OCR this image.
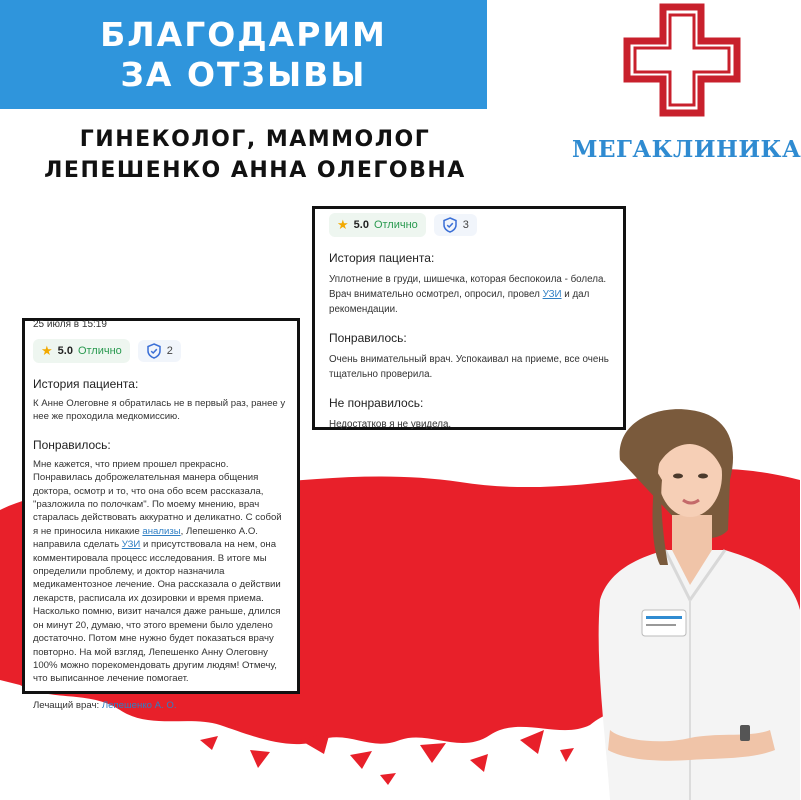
БЛАГОДАРИМ
ЗА ОТЗЫВЫ
ГИНЕКОЛОГ, МАММОЛОГ
ЛЕПЕШЕНКО АННА ОЛЕГОВНА
МЕГАКЛИНИКА
★ 5.0 Отлично	3
История пациента:
Уплотнение в груди, шишечка, которая беспокоила - болела. Врач внимательно осмотрел, опросил, провел УЗИ и дал рекомендации.
Понравилось:
Очень внимательный врач. Успокаивал на приеме, все очень тщательно проверила.
Не понравилось:
Недостатков я не увидела.
25 июля в 15:19
★ 5.0 Отлично	2
История пациента:
К Анне Олеговне я обратилась не в первый раз, ранее у нее же проходила медкомиссию.
Понравилось:
Мне кажется, что прием прошел прекрасно. Понравилась доброжелательная манера общения доктора, осмотр и то, что она обо всем рассказала, "разложила по полочкам". По моему мнению, врач старалась действовать аккуратно и деликатно. С собой я не приносила никакие анализы, Лепешенко А.О. направила сделать УЗИ и присутствовала на нем, она комментировала процесс исследования. В итоге мы определили проблему, и доктор назначила медикаментозное лечение. Она рассказала о действии лекарств, расписала их дозировки и время приема. Насколько помню, визит начался даже раньше, длился он минут 20, думаю, что этого времени было уделено достаточно. Потом мне нужно будет показаться врачу повторно. На мой взгляд, Лепешенко Анну Олеговну 100% можно порекомендовать другим людям! Отмечу, что выписанное лечение помогает.
Лечащий врач: Лепешенко А. О.
